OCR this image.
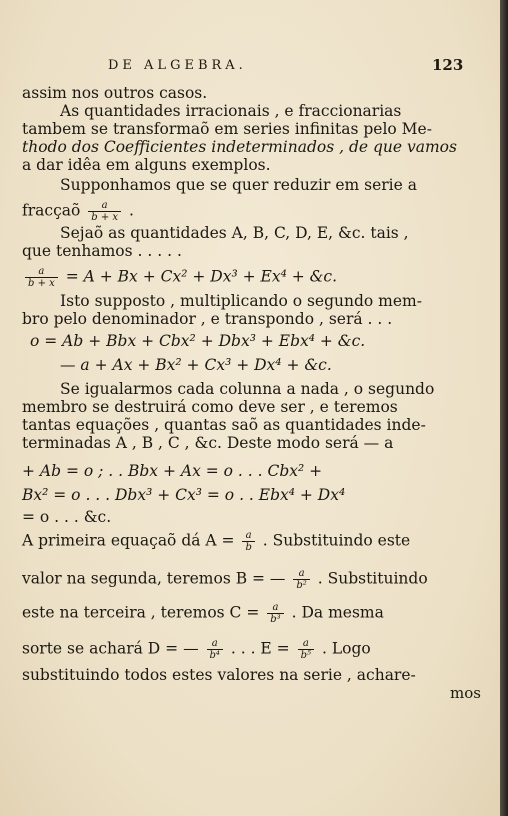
DE ALGEBRA.	123
assim nos outros casos.
As quantidades irracionais , e fraccionarias
tambem se transformaõ em series infinitas pelo Me-
thodo dos Coefficientes indeterminados , de que vamos
a dar idêa em alguns exemplos.
Supponhamos que se quer reduzir em serie a
fracçaõ $\frac{a}{b + x}$ .
Sejaõ as quantidades A, B, C, D, E, &c. tais ,
que tenhamos . . . . .
$\frac{a}{b + x} = A + Bx + Cx^2 + Dx^3 + Ex^4$ + &c.
Isto supposto , multiplicando o segundo mem-
bro pelo denominador , e transpondo , será . . .
o = Ab + Bbx + Cbx² + Dbx³ + Ebx⁴ + &c.
— a + Ax + Bx² + Cx³ + Dx⁴ + &c.
Se igualarmos cada colunna a nada , o segundo
membro se destruirá como deve ser , e teremos
tantas equações , quantas saõ as quantidades inde-
terminadas A , B , C , &c. Deste modo será — a
+ Ab = o ; . . Bbx + Ax = o . . . Cbx² +
Bx² = o . . . Dbx³ + Cx³ = o . . Ebx⁴ + Dx⁴
= o . . . &c.
A primeira equaçaõ dá $A = \frac{a}{b}$ . Substituindo este
valor na segunda, teremos B = — $\frac{a}{\text{b²}}$ . Substituindo
este na terceira , teremos $C = \frac{a}{\text{b³}}$ . Da mesma
sorte se achará D = — $\frac{a}{\text{b⁴}}$ . . . $E = \frac{a}{\text{b⁵}}$ . Logo
substituindo todos estes valores na serie , achare-
mos
